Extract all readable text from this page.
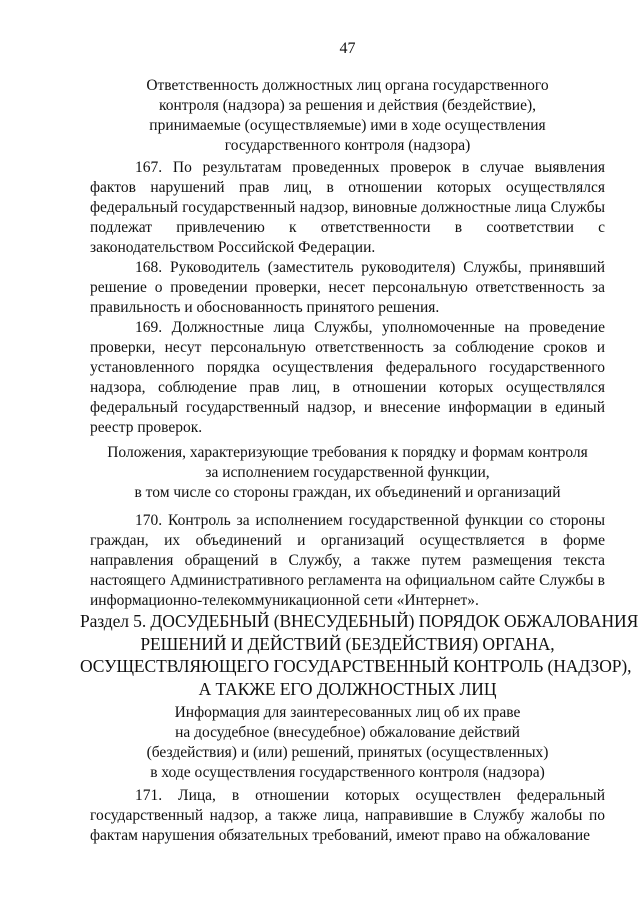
47
Ответственность должностных лиц органа государственного
контроля (надзора) за решения и действия (бездействие),
принимаемые (осуществляемые) ими в ходе осуществления
государственного контроля (надзора)

167. По результатам проведенных проверок в случае выявления фактов нарушений прав лиц, в отношении которых осуществлялся федеральный государственный надзор, виновные должностные лица Службы подлежат привлечению к ответственности в соответствии с законодательством Российской Федерации.

168. Руководитель (заместитель руководителя) Службы, принявший решение о проведении проверки, несет персональную ответственность за правильность и обоснованность принятого решения.

169. Должностные лица Службы, уполномоченные на проведение проверки, несут персональную ответственность за соблюдение сроков и установленного порядка осуществления федерального государственного надзора, соблюдение прав лиц, в отношении которых осуществлялся федеральный государственный надзор, и внесение информации в единый реестр проверок.

Положения, характеризующие требования к порядку и формам контроля
за исполнением государственной функции,
в том числе со стороны граждан, их объединений и организаций

170. Контроль за исполнением государственной функции со стороны граждан, их объединений и организаций осуществляется в форме направления обращений в Службу, а также путем размещения текста настоящего Административного регламента на официальном сайте Службы в информационно-телекоммуникационной сети «Интернет».

Раздел 5. ДОСУДЕБНЫЙ (ВНЕСУДЕБНЫЙ) ПОРЯДОК ОБЖАЛОВАНИЯ
РЕШЕНИЙ И ДЕЙСТВИЙ (БЕЗДЕЙСТВИЯ) ОРГАНА,
ОСУЩЕСТВЛЯЮЩЕГО ГОСУДАРСТВЕННЫЙ КОНТРОЛЬ (НАДЗОР),
А ТАКЖЕ ЕГО ДОЛЖНОСТНЫХ ЛИЦ
Информация для заинтересованных лиц об их праве
на досудебное (внесудебное) обжалование действий
(бездействия) и (или) решений, принятых (осуществленных)
в ходе осуществления государственного контроля (надзора)

171. Лица, в отношении которых осуществлен федеральный государственный надзор, а также лица, направившие в Службу жалобы по фактам нарушения обязательных требований, имеют право на обжалование
